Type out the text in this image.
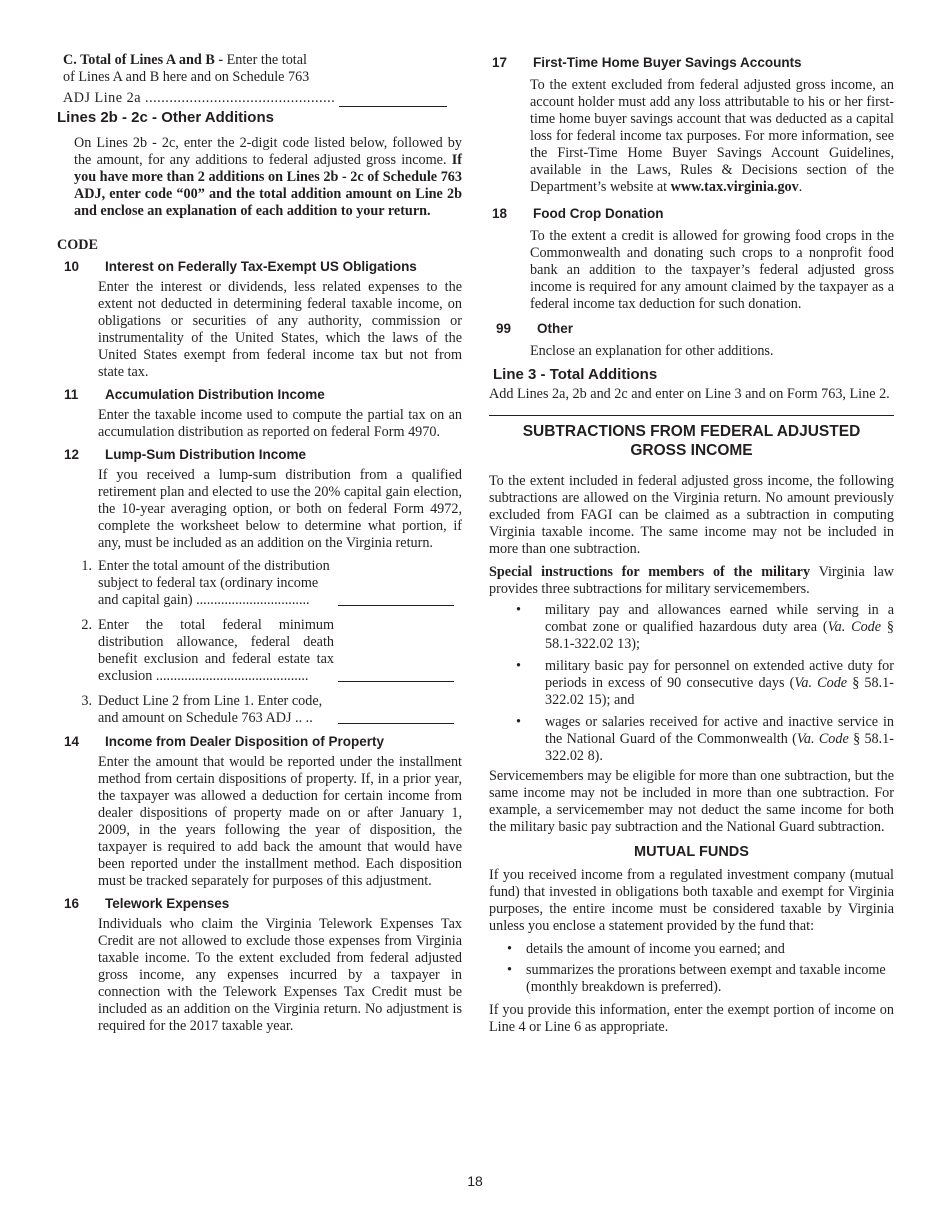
C. Total of Lines A and B - Enter the total

of Lines A and B here and on Schedule 763

ADJ Line 2a ...............................................

Lines 2b - 2c - Other Additions

On Lines 2b - 2c, enter the 2-digit code listed below, followed by the amount, for any additions to federal adjusted gross income. If you have more than 2 additions on Lines 2b - 2c of Schedule 763 ADJ, enter code “00” and the total addition amount on Line 2b and enclose an explanation of each addition to your return.

CODE

10	Interest on Federally Tax-Exempt US Obligations

Enter the interest or dividends, less related expenses to the extent not deducted in determining federal taxable income, on obligations or securities of any authority, commission or instrumentality of the United States, which the laws of the United States exempt from federal income tax but not from state tax.

11	Accumulation Distribution Income

Enter the taxable income used to compute the partial tax on an accumulation distribution as reported on federal Form 4970.

12	Lump-Sum Distribution Income

If you received a lump-sum distribution from a qualified retirement plan and elected to use the 20% capital gain election, the 10-year averaging option, or both on federal Form 4972, complete the worksheet below to determine what portion, if any, must be included as an addition on the Virginia return.

1. Enter the total amount of the distribution subject to federal tax (ordinary income and capital gain) ................................
2. Enter the total federal minimum distribution allowance, federal death benefit exclusion and federal estate tax exclusion ...........................................
3. Deduct Line 2 from Line 1. Enter code, and amount on Schedule 763 ADJ .. ..
14	Income from Dealer Disposition of Property

Enter the amount that would be reported under the installment method from certain dispositions of property. If, in a prior year, the taxpayer was allowed a deduction for certain income from dealer dispositions of property made on or after January 1, 2009, in the years following the year of disposition, the taxpayer is required to add back the amount that would have been reported under the installment method. Each disposition must be tracked separately for purposes of this adjustment.

16	Telework Expenses

Individuals who claim the Virginia Telework Expenses Tax Credit are not allowed to exclude those expenses from Virginia taxable income. To the extent excluded from federal adjusted gross income, any expenses incurred by a taxpayer in connection with the Telework Expenses Tax Credit must be included as an addition on the Virginia return. No adjustment is required for the 2017 taxable year.

17	First-Time Home Buyer Savings Accounts

To the extent excluded from federal adjusted gross income, an account holder must add any loss attributable to his or her first-time home buyer savings account that was deducted as a capital loss for federal income tax purposes. For more information, see the First-Time Home Buyer Savings Account Guidelines, available in the Laws, Rules & Decisions section of the Department’s website at www.tax.virginia.gov.

18	Food Crop Donation

To the extent a credit is allowed for growing food crops in the Commonwealth and donating such crops to a nonprofit food bank an addition to the taxpayer’s federal adjusted gross income is required for any amount claimed by the taxpayer as a federal income tax deduction for such donation.

99	Other

Enclose an explanation for other additions.

Line 3 - Total Additions

Add Lines 2a, 2b and 2c and enter on Line 3 and on Form 763, Line 2.

SUBTRACTIONS FROM FEDERAL ADJUSTED GROSS INCOME

To the extent included in federal adjusted gross income, the following subtractions are allowed on the Virginia return. No amount previously excluded from FAGI can be claimed as a subtraction in computing Virginia taxable income. The same income may not be included in more than one subtraction.

Special instructions for members of the military Virginia law provides three subtractions for military servicemembers.

• military pay and allowances earned while serving in a combat zone or qualified hazardous duty area (Va. Code § 58.1-322.02 13);
• military basic pay for personnel on extended active duty for periods in excess of 90 consecutive days (Va. Code § 58.1-322.02 15); and
• wages or salaries received for active and inactive service in the National Guard of the Commonwealth (Va. Code § 58.1-322.02 8).

Servicemembers may be eligible for more than one subtraction, but the same income may not be included in more than one subtraction. For example, a servicemember may not deduct the same income for both the military basic pay subtraction and the National Guard subtraction.

MUTUAL FUNDS

If you received income from a regulated investment company (mutual fund) that invested in obligations both taxable and exempt for Virginia purposes, the entire income must be considered taxable by Virginia unless you enclose a statement provided by the fund that:

• details the amount of income you earned; and
• summarizes the prorations between exempt and taxable income (monthly breakdown is preferred).

If you provide this information, enter the exempt portion of income on Line 4 or Line 6 as appropriate.

18
